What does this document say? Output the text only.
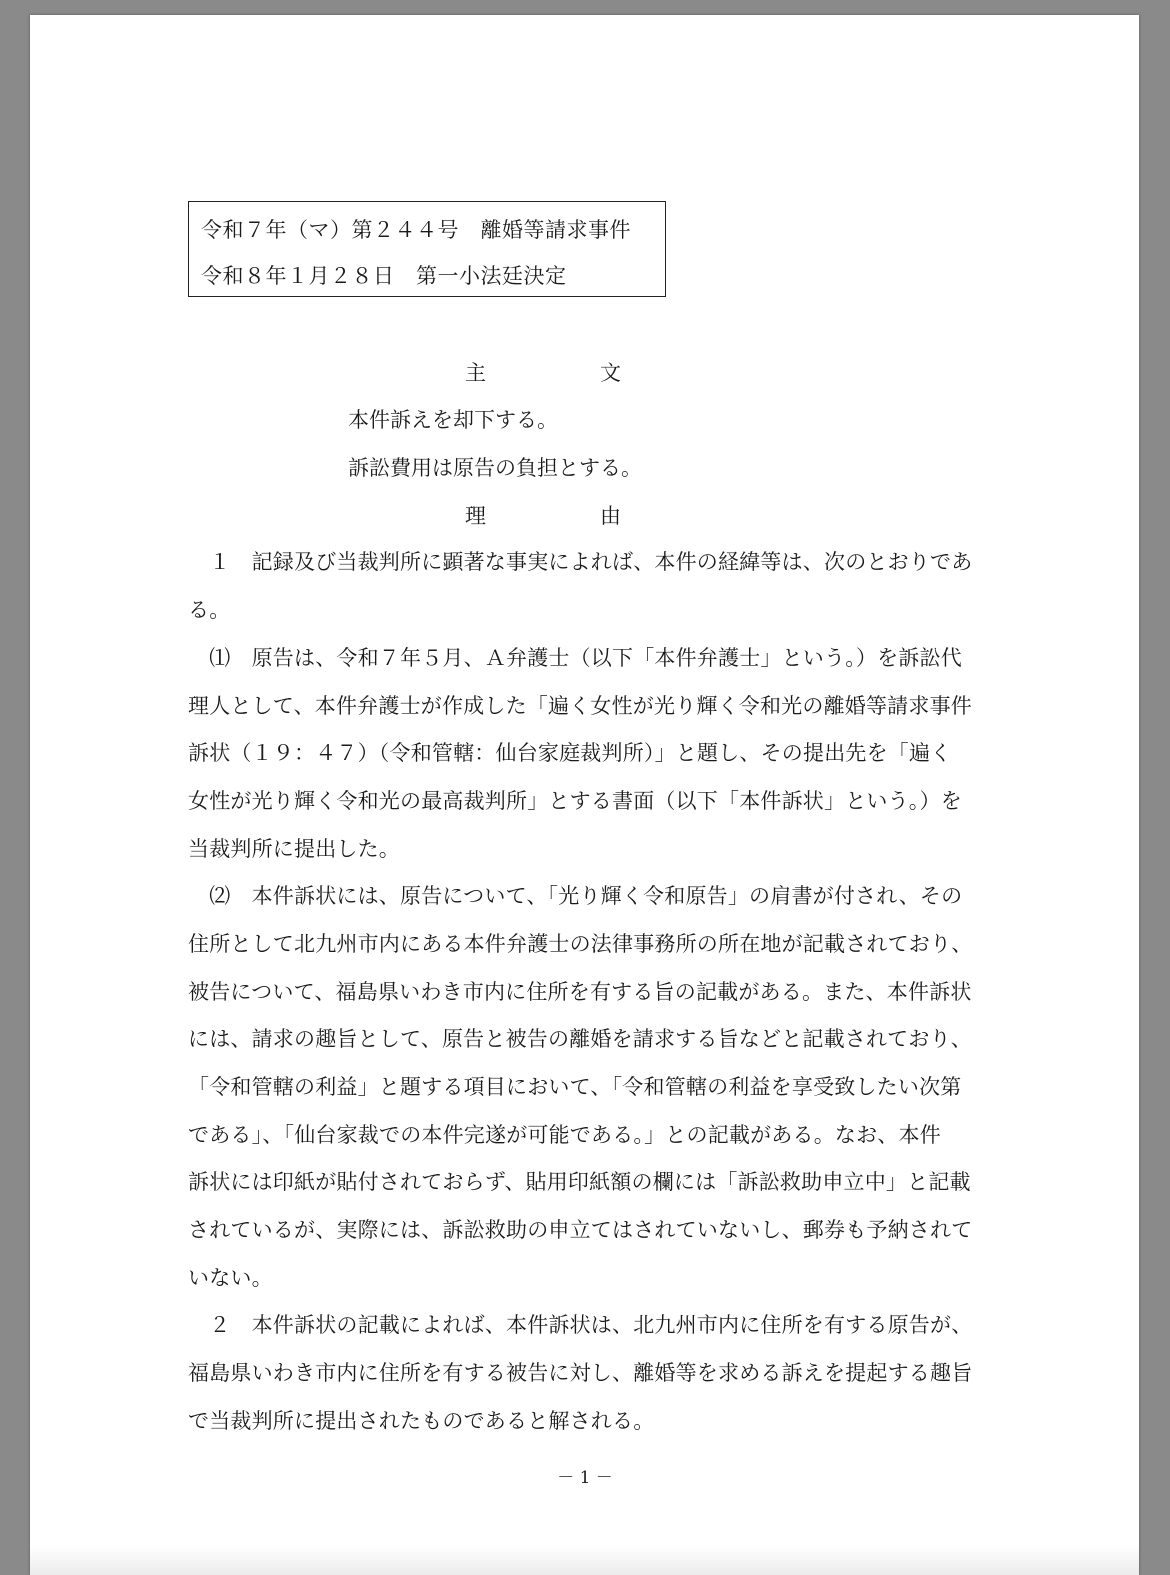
令和７年（マ）第２４４号　離婚等請求事件
令和８年１月２８日　第一小法廷決定
主	文
本件訴えを却下する。
訴訟費用は原告の負担とする。
理	由
　１　記録及び当裁判所に顕著な事実によれば、本件の経緯等は、次のとおりであ
る。
　⑴　原告は、令和７年５月、Ａ弁護士（以下「本件弁護士」という。）を訴訟代
理人として、本件弁護士が作成した「遍く女性が光り輝く令和光の離婚等請求事件
訴状（１９：４７）（令和管轄：仙台家庭裁判所）」と題し、その提出先を「遍く
女性が光り輝く令和光の最高裁判所」とする書面（以下「本件訴状」という。）を
当裁判所に提出した。
　⑵　本件訴状には、原告について、「光り輝く令和原告」の肩書が付され、その
住所として北九州市内にある本件弁護士の法律事務所の所在地が記載されており、
被告について、福島県いわき市内に住所を有する旨の記載がある。また、本件訴状
には、請求の趣旨として、原告と被告の離婚を請求する旨などと記載されており、
「令和管轄の利益」と題する項目において、「令和管轄の利益を享受致したい次第
である」、「仙台家裁での本件完遂が可能である。」との記載がある。なお、本件
訴状には印紙が貼付されておらず、貼用印紙額の欄には「訴訟救助申立中」と記載
されているが、実際には、訴訟救助の申立てはされていないし、郵券も予納されて
いない。
　２　本件訴状の記載によれば、本件訴状は、北九州市内に住所を有する原告が、
福島県いわき市内に住所を有する被告に対し、離婚等を求める訴えを提起する趣旨
で当裁判所に提出されたものであると解される。
－ 1 －
